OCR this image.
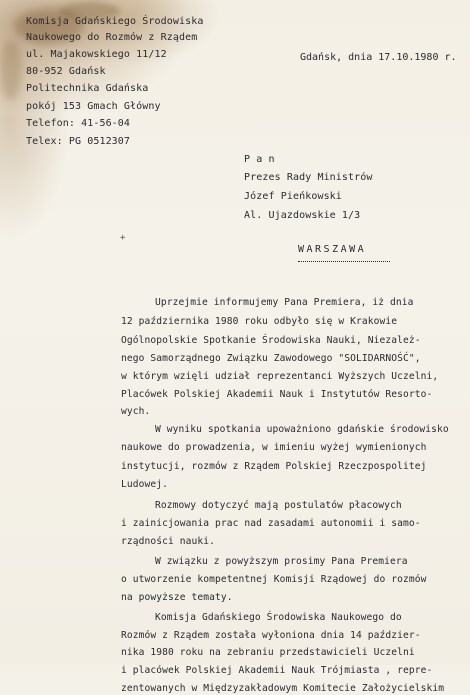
Komisja Gdańskiego Środowiska
Naukowego do Rozmów z Rządem
ul. Majakowskiego 11/12
80-952 Gdańsk
Politechnika Gdańska
pokój 153 Gmach Główny
Telefon: 41-56-04
Telex: PG 0512307
Gdańsk, dnia 17.10.1980 r.
P a n
Prezes Rady Ministrów
Józef Pieńkowski
Al. Ujazdowskie 1/3
+
WARSZAWA
Uprzejmie informujemy Pana Premiera, iż dnia
12 października 1980 roku odbyło się w Krakowie
Ogólnopolskie Spotkanie Środowiska Nauki, Niezależ-
nego Samorządnego Związku Zawodowego "SOLIDARNOŚĆ",
w którym wzięli udział reprezentanci Wyższych Uczelni,
Placówek Polskiej Akademii Nauk i Instytutów Resorto-
wych.
W wyniku spotkania upoważniono gdańskie środowisko
naukowe do prowadzenia, w imieniu wyżej wymienionych
instytucji, rozmów z Rządem Polskiej Rzeczpospolitej
Ludowej.
Rozmowy dotyczyć mają postulatów płacowych
i zainicjowania prac nad zasadami autonomii i samo-
rządności nauki.
W związku z powyższym prosimy Pana Premiera
o utworzenie kompetentnej Komisji Rządowej do rozmów
na powyższe tematy.
Komisja Gdańskiego Środowiska Naukowego do
Rozmów z Rządem została wyłoniona dnia 14 paździer-
nika 1980 roku na zebraniu przedstawicieli Uczelni
i placówek Polskiej Akademii Nauk Trójmiasta , repre-
zentowanych w Międzyzakładowym Komitecie Założycielskim
